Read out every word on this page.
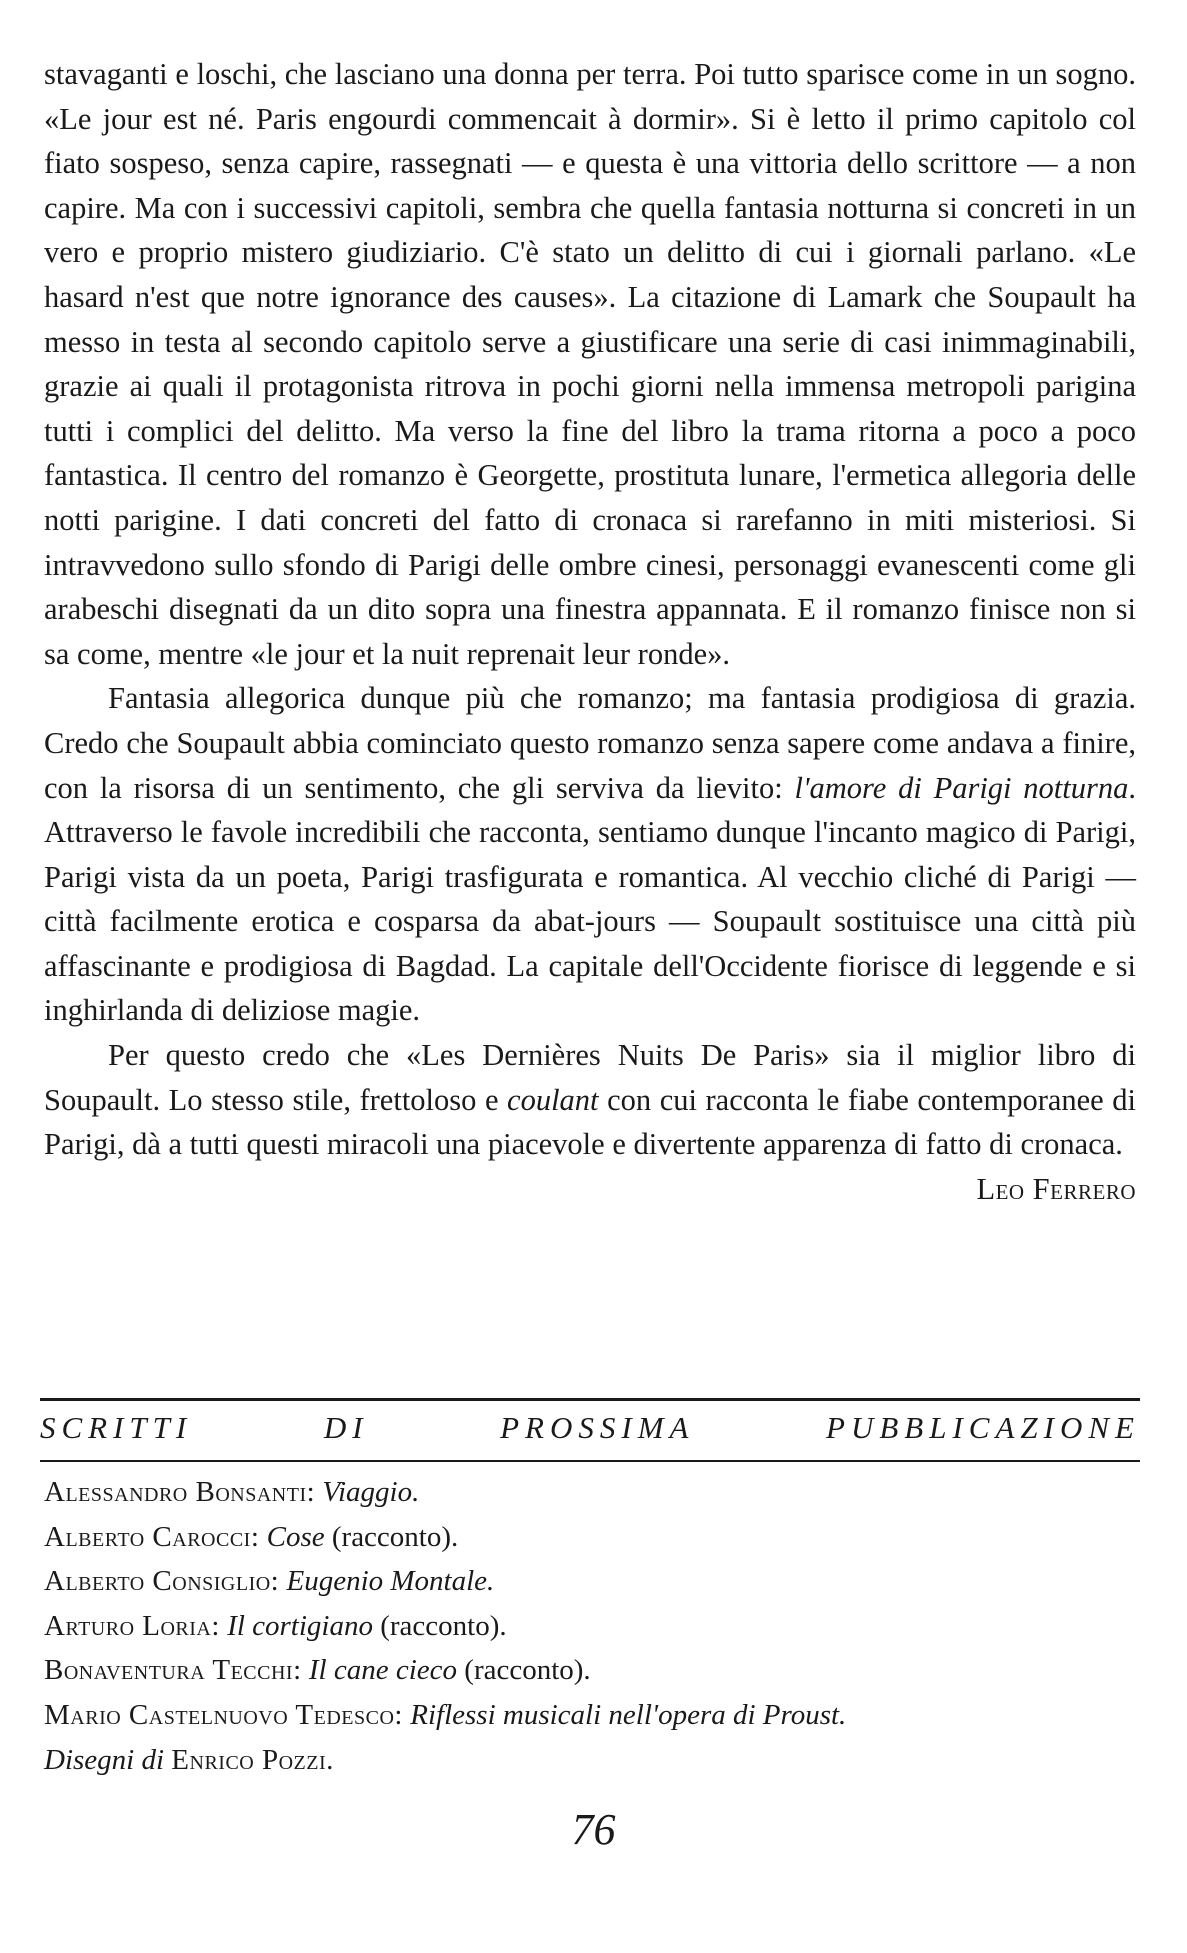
stavaganti e loschi, che lasciano una donna per terra. Poi tutto sparisce come in un sogno. «Le jour est né. Paris engourdi commencait à dormir». Si è letto il primo capitolo col fiato sospeso, senza capire, rassegnati — e questa è una vittoria dello scrittore — a non capire. Ma con i successivi capitoli, sembra che quella fantasia notturna si concreti in un vero e proprio mistero giudiziario. C'è stato un delitto di cui i giornali parlano. «Le hasard n'est que notre ignorance des causes». La citazione di Lamark che Soupault ha messo in testa al secondo capitolo serve a giustificare una serie di casi inimmaginabili, grazie ai quali il protagonista ritrova in pochi giorni nella immensa metropoli parigina tutti i complici del delitto. Ma verso la fine del libro la trama ritorna a poco a poco fantastica. Il centro del romanzo è Georgette, prostituta lunare, l'ermetica allegoria delle notti parigine. I dati concreti del fatto di cronaca si rarefanno in miti misteriosi. Si intravvedono sullo sfondo di Parigi delle ombre cinesi, personaggi evanescenti come gli arabeschi disegnati da un dito sopra una finestra appannata. E il romanzo finisce non si sa come, mentre «le jour et la nuit reprenait leur ronde».

Fantasia allegorica dunque più che romanzo; ma fantasia prodigiosa di grazia. Credo che Soupault abbia cominciato questo romanzo senza sapere come andava a finire, con la risorsa di un sentimento, che gli serviva da lievito: l'amore di Parigi notturna. Attraverso le favole incredibili che racconta, sentiamo dunque l'incanto magico di Parigi, Parigi vista da un poeta, Parigi trasfigurata e romantica. Al vecchio cliché di Parigi — città facilmente erotica e cosparsa da abat-jours — Soupault sostituisce una città più affascinante e prodigiosa di Bagdad. La capitale dell'Occidente fiorisce di leggende e si inghirlanda di deliziose magie.

Per questo credo che «Les Dernières Nuits De Paris» sia il miglior libro di Soupault. Lo stesso stile, frettoloso e coulant con cui racconta le fiabe contemporanee di Parigi, dà a tutti questi miracoli una piacevole e divertente apparenza di fatto di cronaca.
Leo Ferrero

SCRITTI	DI	PROSSIMA	PUBBLICAZIONE
Alessandro Bonsanti: Viaggio.
Alberto Carocci: Cose (racconto).
Alberto Consiglio: Eugenio Montale.
Arturo Loria: Il cortigiano (racconto).
Bonaventura Tecchi: Il cane cieco (racconto).
Mario Castelnuovo Tedesco: Riflessi musicali nell'opera di Proust.
Disegni di Enrico Pozzi.
76
